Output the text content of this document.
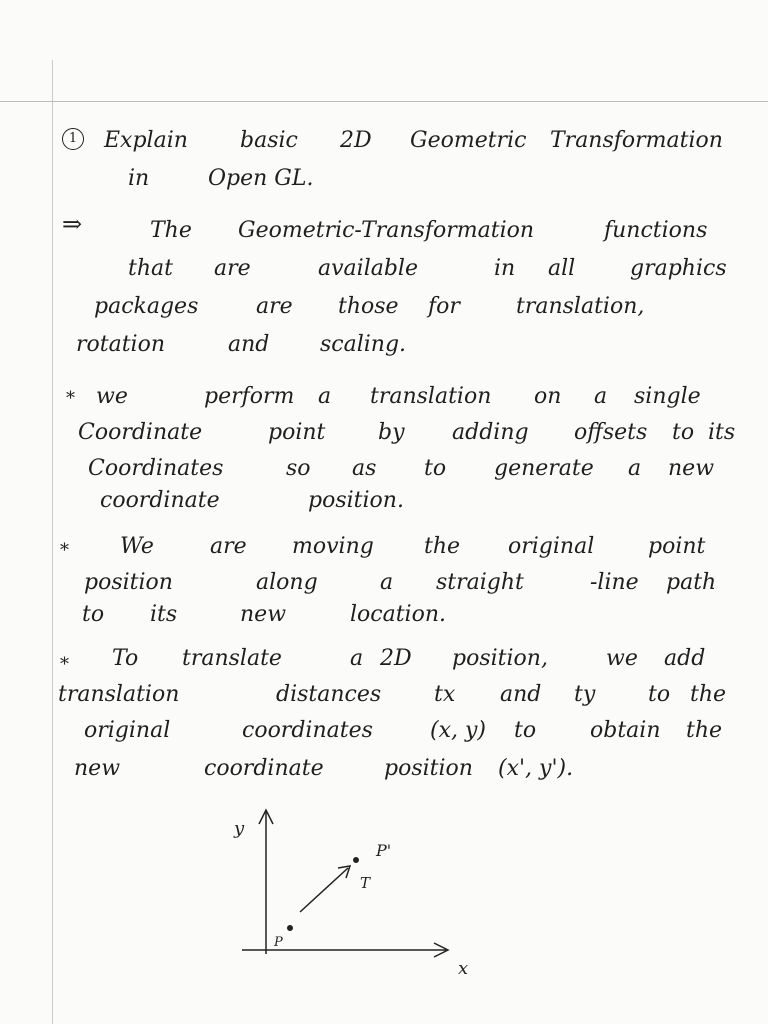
1	Explain basic 2D Geometric Transformation
in	Open GL.
⇒	The Geometric-Transformation	functions
that are	available	in all graphics
packages	are those for	translation,
rotation	and scaling.
* we	perform a translation on a single
Coordinate	point by adding offsets to its
Coordinates	so as to generate a new
coordinate	position.
* We	are moving the original point
position	along	a straight	-line path
to its	new	location.
* To translate	a 2D position,	we add
translation	distances tx and ty to the
original	coordinates	(x, y) to obtain the
new	coordinate	position (x', y').
y
x
P
P'
T
